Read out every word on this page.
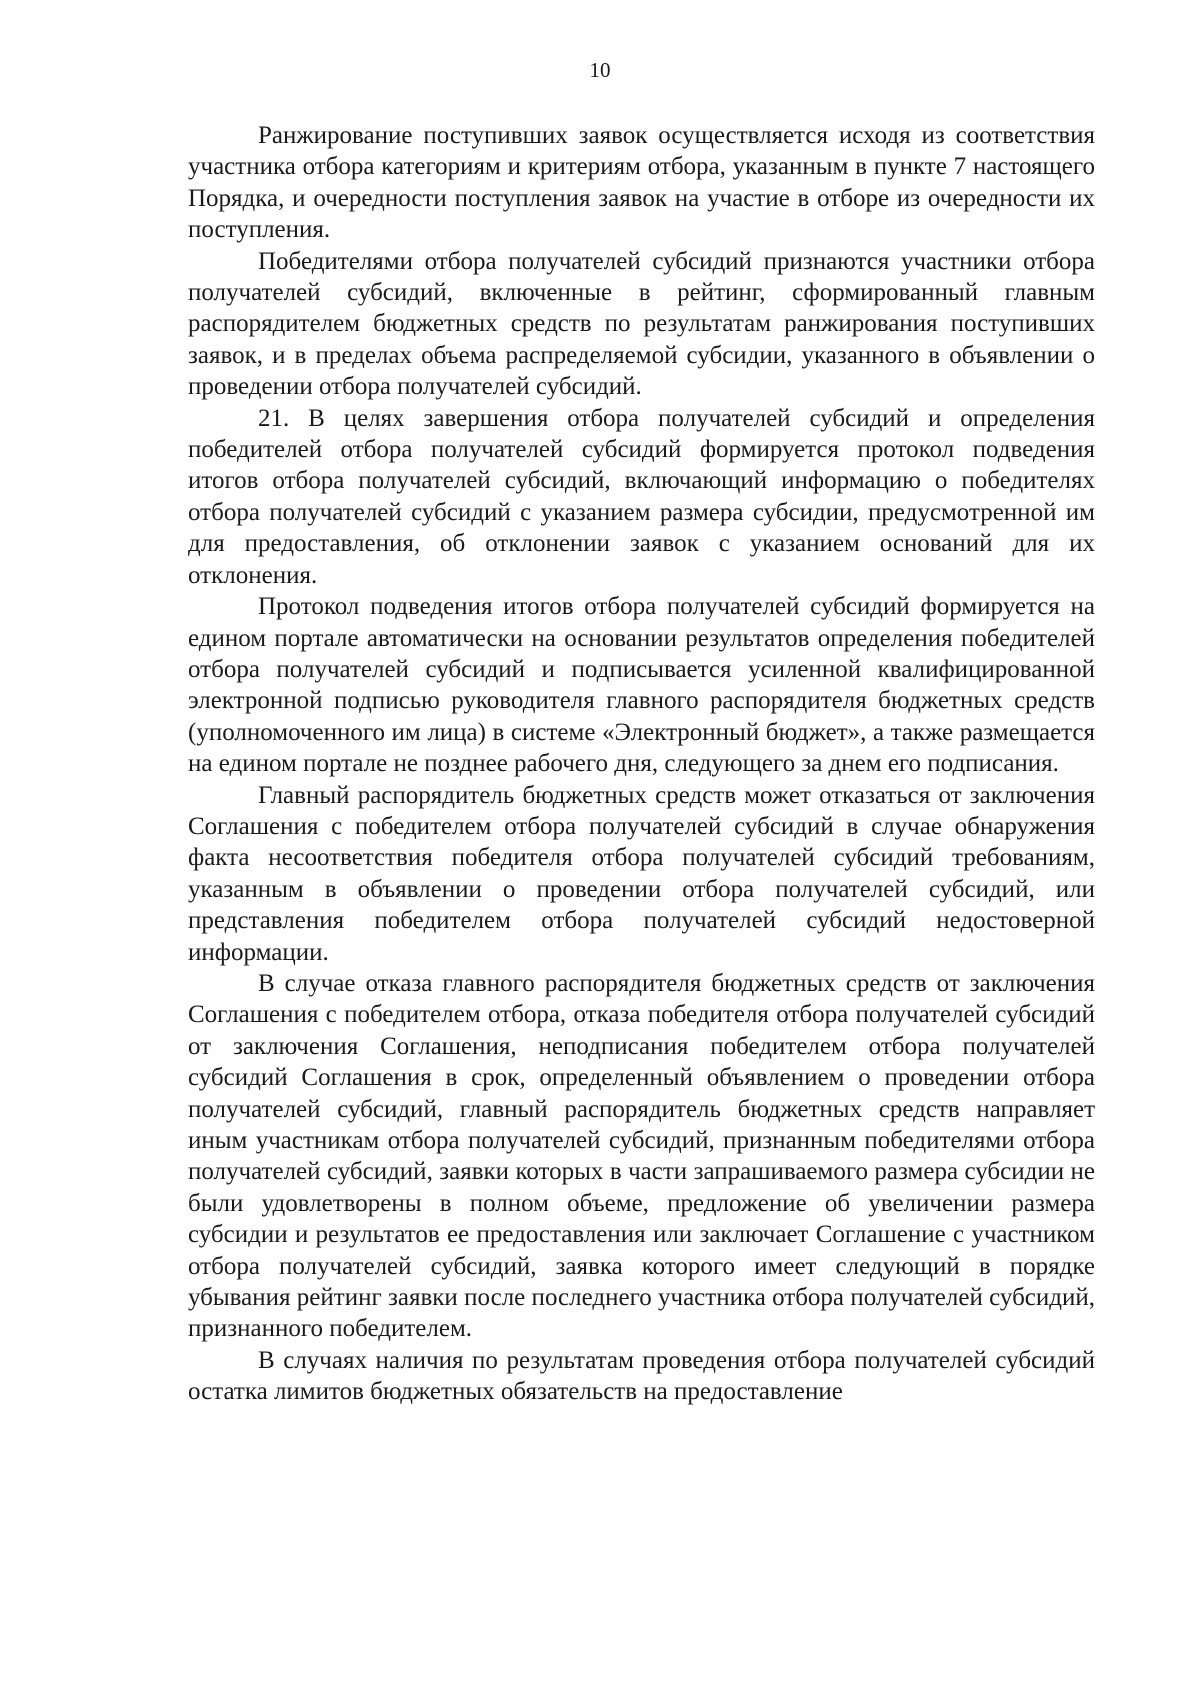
10

Ранжирование поступивших заявок осуществляется исходя из соответствия участника отбора категориям и критериям отбора, указанным в пункте 7 настоящего Порядка, и очередности поступления заявок на участие в отборе из очередности их поступления.

Победителями отбора получателей субсидий признаются участники отбора получателей субсидий, включенные в рейтинг, сформированный главным распорядителем бюджетных средств по результатам ранжирования поступивших заявок, и в пределах объема распределяемой субсидии, указанного в объявлении о проведении отбора получателей субсидий.

21. В целях завершения отбора получателей субсидий и определения победителей отбора получателей субсидий формируется протокол подведения итогов отбора получателей субсидий, включающий информацию о победителях отбора получателей субсидий с указанием размера субсидии, предусмотренной им для предоставления, об отклонении заявок с указанием оснований для их отклонения.

Протокол подведения итогов отбора получателей субсидий формируется на едином портале автоматически на основании результатов определения победителей отбора получателей субсидий и подписывается усиленной квалифицированной электронной подписью руководителя главного распорядителя бюджетных средств (уполномоченного им лица) в системе «Электронный бюджет», а также размещается на едином портале не позднее рабочего дня, следующего за днем его подписания.

Главный распорядитель бюджетных средств может отказаться от заключения Соглашения с победителем отбора получателей субсидий в случае обнаружения факта несоответствия победителя отбора получателей субсидий требованиям, указанным в объявлении о проведении отбора получателей субсидий, или представления победителем отбора получателей субсидий недостоверной информации.

В случае отказа главного распорядителя бюджетных средств от заключения Соглашения с победителем отбора, отказа победителя отбора получателей субсидий от заключения Соглашения, неподписания победителем отбора получателей субсидий Соглашения в срок, определенный объявлением о проведении отбора получателей субсидий, главный распорядитель бюджетных средств направляет иным участникам отбора получателей субсидий, признанным победителями отбора получателей субсидий, заявки которых в части запрашиваемого размера субсидии не были удовлетворены в полном объеме, предложение об увеличении размера субсидии и результатов ее предоставления или заключает Соглашение с участником отбора получателей субсидий, заявка которого имеет следующий в порядке убывания рейтинг заявки после последнего участника отбора получателей субсидий, признанного победителем.

В случаях наличия по результатам проведения отбора получателей субсидий остатка лимитов бюджетных обязательств на предоставление
